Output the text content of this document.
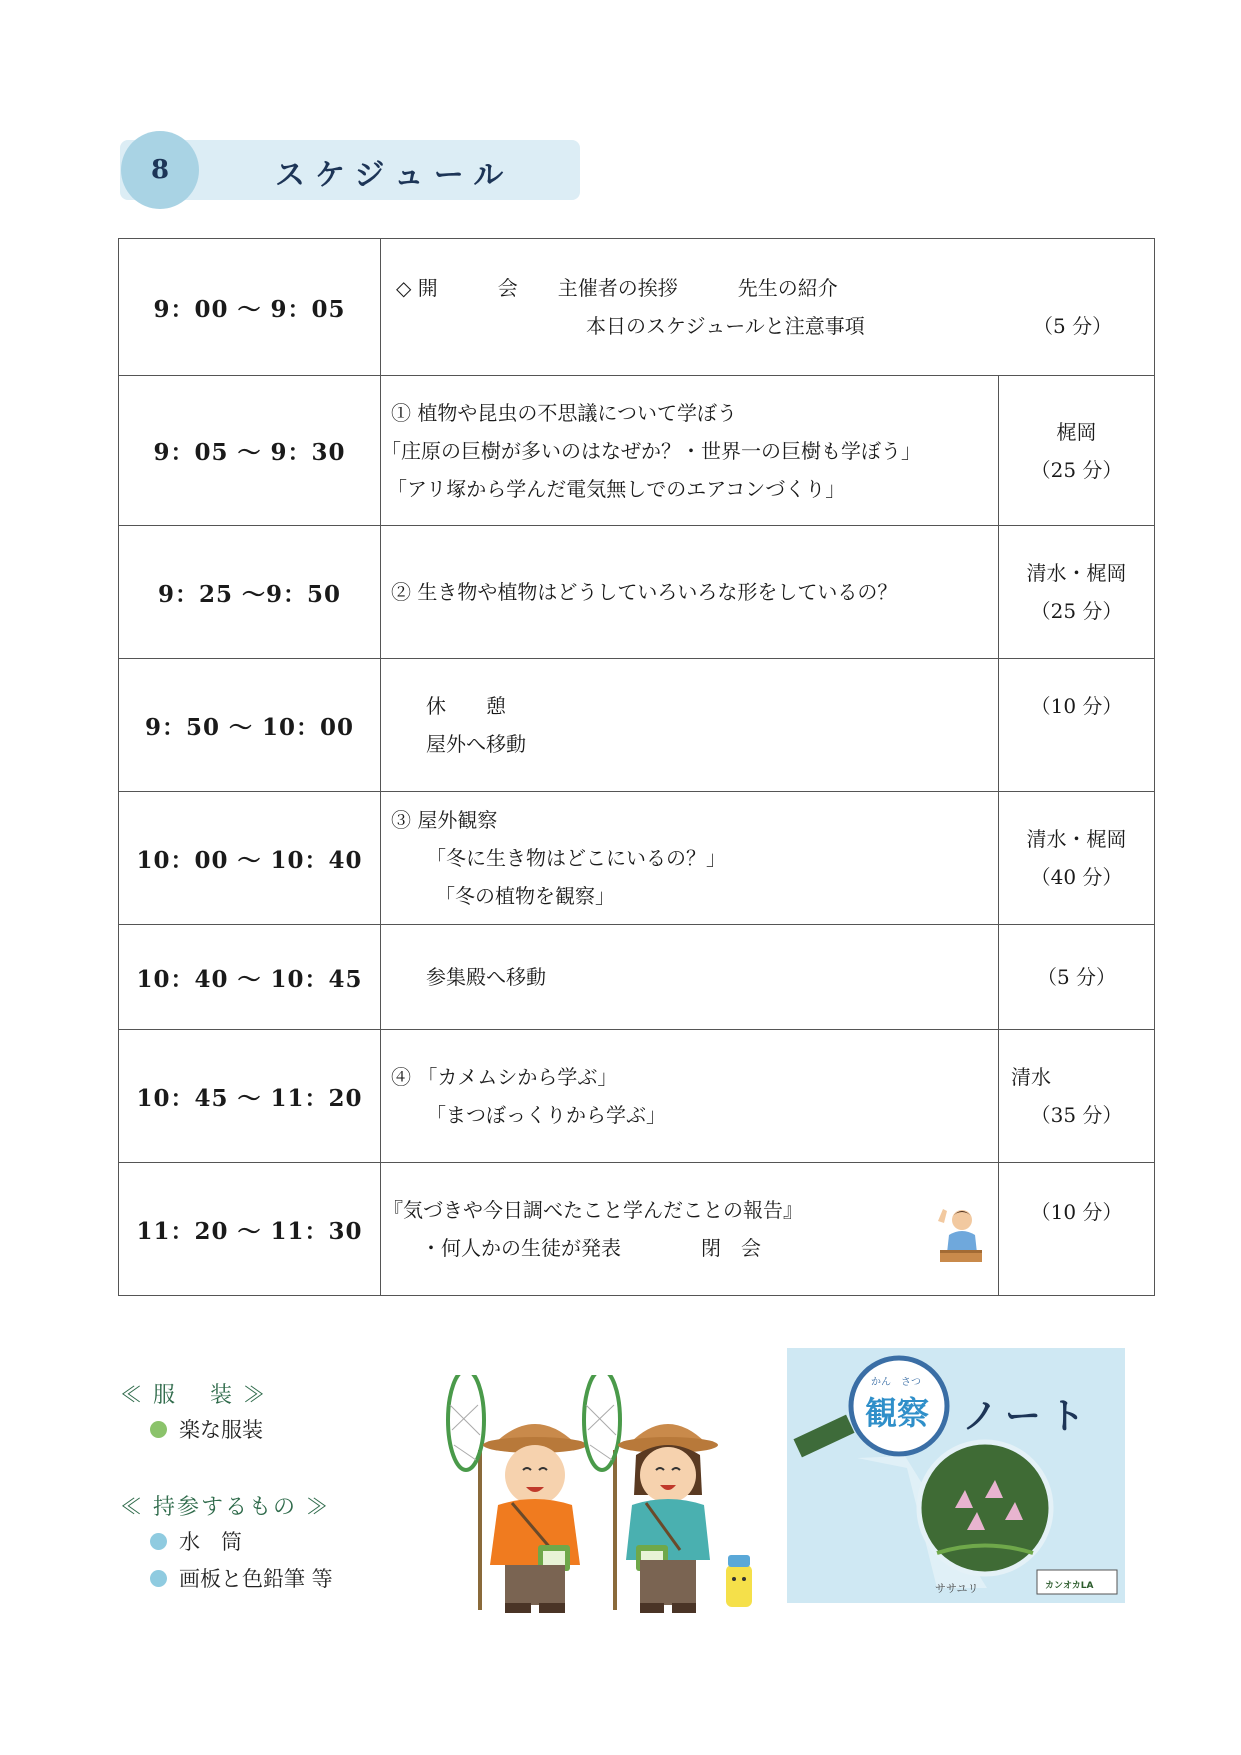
8	スケジュール
9：00 ～ 9：05	◇ 開　　　会　　主催者の挨拶　　　先生の紹介
本日のスケジュールと注意事項 （5 分）	

9：05 ～ 9：30	① 植物や昆虫の不思議について学ぼう
「庄原の巨樹が多いのはなぜか？・世界一の巨樹も学ぼう」
「アリ塚から学んだ電気無しでのエアコンづくり」	梶岡
（25 分）

9：25 ～9：50	② 生き物や植物はどうしていろいろな形をしているの？	清水・梶岡
（25 分）

9：50 ～ 10：00	休　　憩
屋外へ移動	（10 分）

10：00 ～ 10：40	③ 屋外観察
「冬に生き物はどこにいるの？」
「冬の植物を観察」	清水・梶岡
（40 分）

10：40 ～ 10：45	参集殿へ移動	（5 分）

10：45 ～ 11：20	④ 「カメムシから学ぶ」
「まつぼっくりから学ぶ」	清水
（35 分）

11：20 ～ 11：30	『気づきや今日調べたこと学んだことの報告』
・何人かの生徒が発表　　　　閉　会	（10 分）
≪ 服　 装 ≫
楽な服装
≪ 持参するもの ≫
水　筒
画板と色鉛筆 等
かん　さつ
観察 ノート
ササユリ	カンオカLA
